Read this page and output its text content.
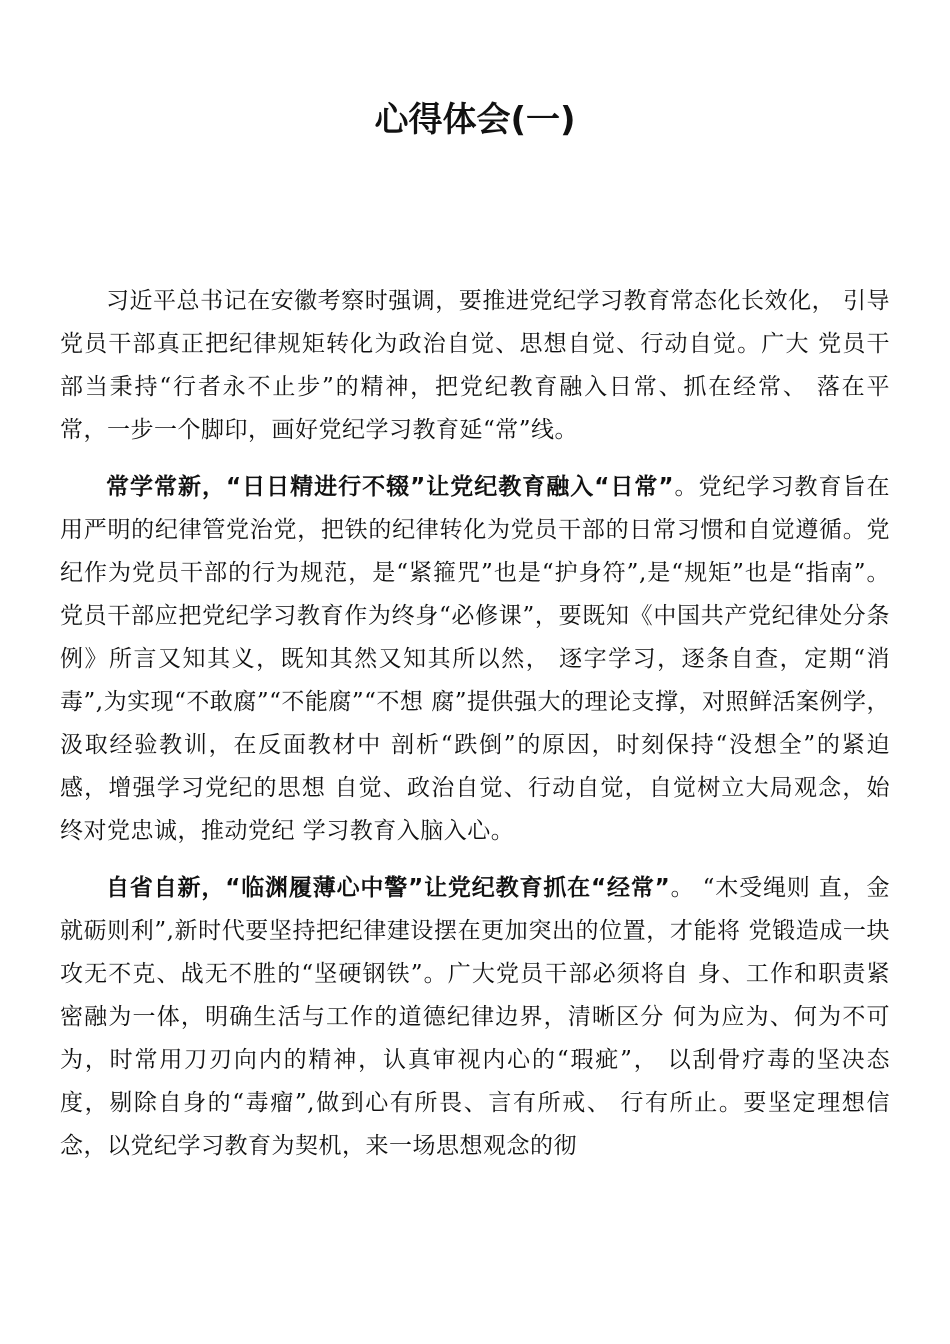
心得体会(一)

习近平总书记在安徽考察时强调，要推进党纪学习教育常态化长效化， 引导党员干部真正把纪律规矩转化为政治自觉、思想自觉、行动自觉。广大 党员干部当秉持“行者永不止步”的精神，把党纪教育融入日常、抓在经常、 落在平常，一步一个脚印，画好党纪学习教育延“常”线。

常学常新，“日日精进行不辍”让党纪教育融入“日常”。党纪学习教育旨在用严明的纪律管党治党，把铁的纪律转化为党员干部的日常习惯和自觉遵循。党纪作为党员干部的行为规范，是“紧箍咒”也是“护身符”,是“规矩”也是“指南”。党员干部应把党纪学习教育作为终身“必修课”，要既知《中国共产党纪律处分条例》所言又知其义，既知其然又知其所以然， 逐字学习，逐条自查，定期“消毒”,为实现“不敢腐”“不能腐”“不想 腐”提供强大的理论支撑，对照鲜活案例学，汲取经验教训，在反面教材中 剖析“跌倒”的原因，时刻保持“没想全”的紧迫感，增强学习党纪的思想 自觉、政治自觉、行动自觉，自觉树立大局观念，始终对党忠诚，推动党纪 学习教育入脑入心。

自省自新，“临渊履薄心中警”让党纪教育抓在“经常”。 “木受绳则 直，金就砺则利”,新时代要坚持把纪律建设摆在更加突出的位置，才能将 党锻造成一块攻无不克、战无不胜的“坚硬钢铁”。广大党员干部必须将自 身、工作和职责紧密融为一体，明确生活与工作的道德纪律边界，清晰区分 何为应为、何为不可为，时常用刀刃向内的精神，认真审视内心的“瑕疵”， 以刮骨疗毒的坚决态度，剔除自身的“毒瘤”,做到心有所畏、言有所戒、 行有所止。要坚定理想信念，以党纪学习教育为契机，来一场思想观念的彻
